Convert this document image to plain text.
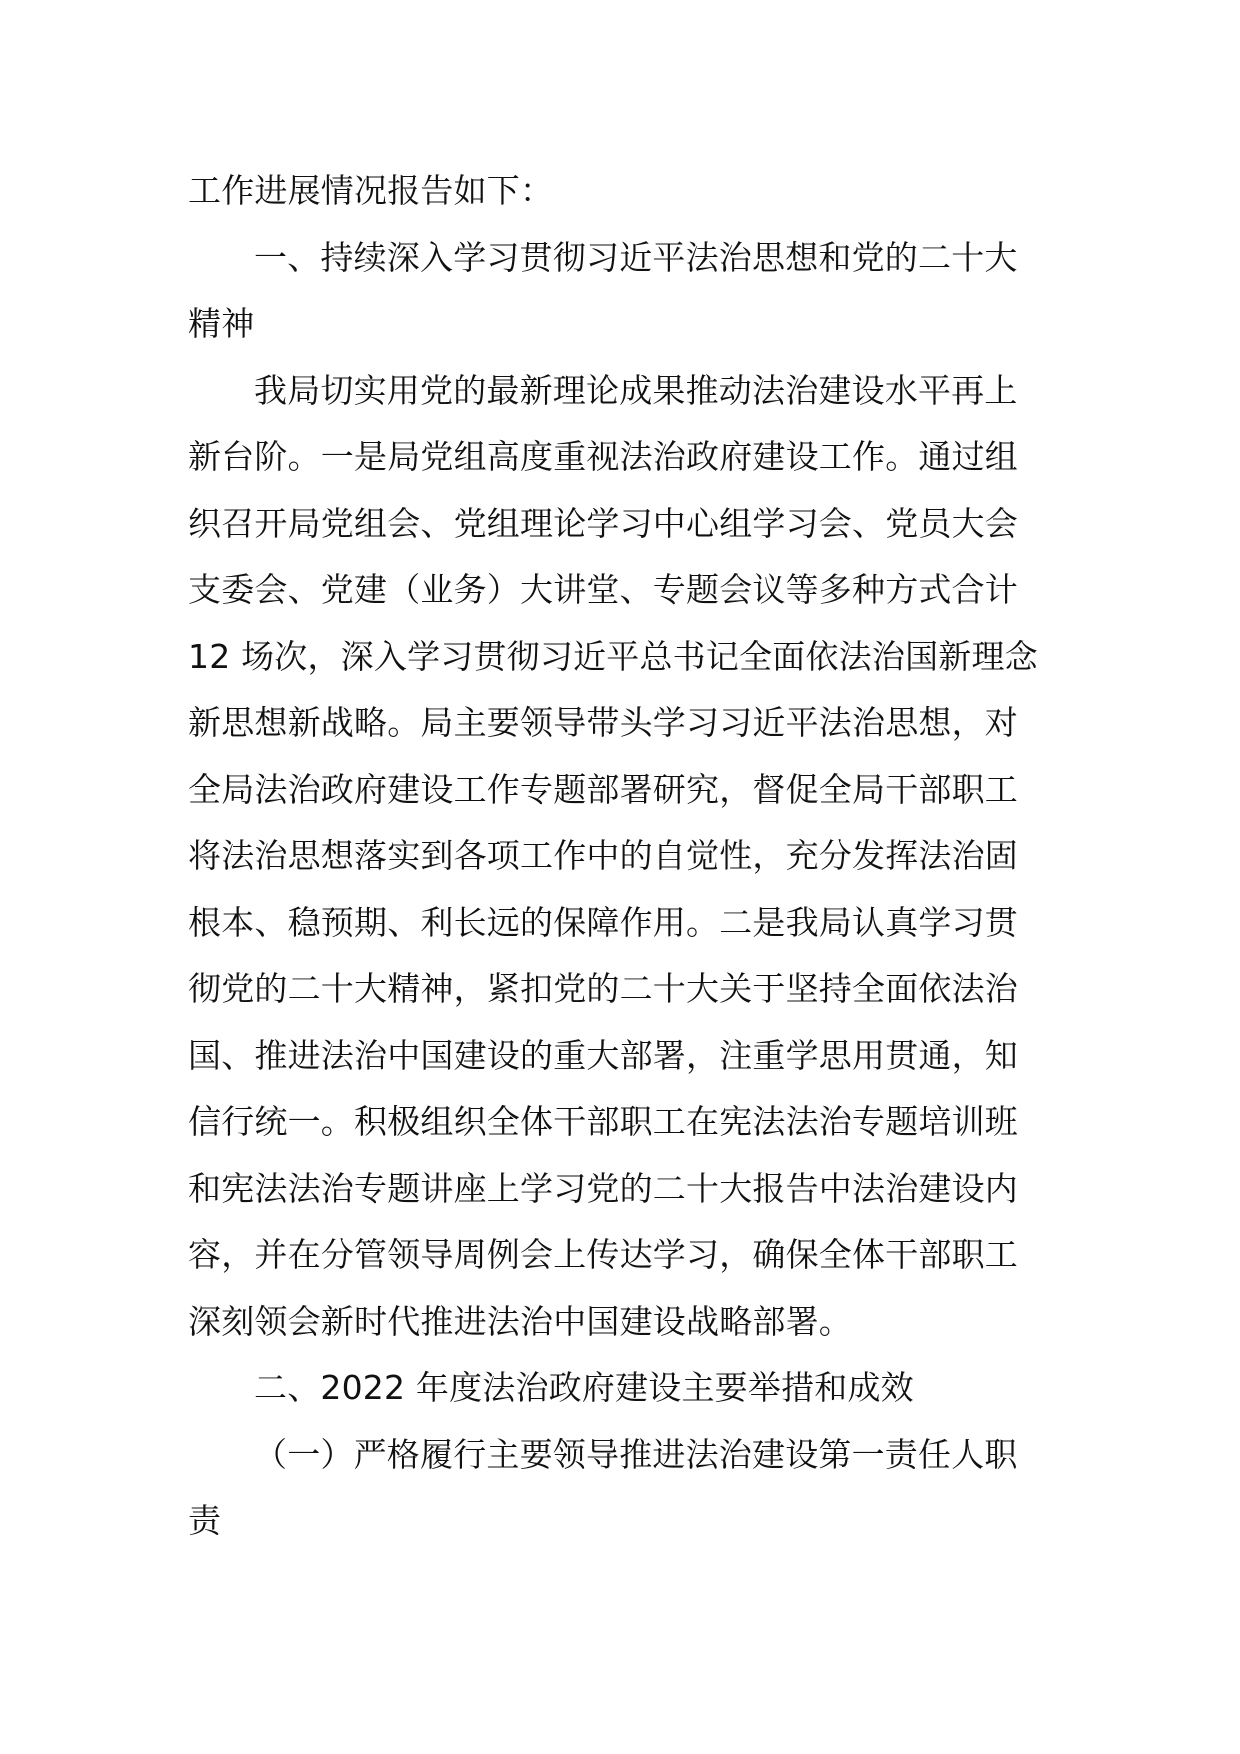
工作进展情况报告如下：
一、持续深入学习贯彻习近平法治思想和党的二十大
精神
我局切实用党的最新理论成果推动法治建设水平再上
新台阶。一是局党组高度重视法治政府建设工作。通过组
织召开局党组会、党组理论学习中心组学习会、党员大会
支委会、党建（业务）大讲堂、专题会议等多种方式合计
12 场次，深入学习贯彻习近平总书记全面依法治国新理念
新思想新战略。局主要领导带头学习习近平法治思想，对
全局法治政府建设工作专题部署研究，督促全局干部职工
将法治思想落实到各项工作中的自觉性，充分发挥法治固
根本、稳预期、利长远的保障作用。二是我局认真学习贯
彻党的二十大精神，紧扣党的二十大关于坚持全面依法治
国、推进法治中国建设的重大部署，注重学思用贯通，知
信行统一。积极组织全体干部职工在宪法法治专题培训班
和宪法法治专题讲座上学习党的二十大报告中法治建设内
容，并在分管领导周例会上传达学习，确保全体干部职工
深刻领会新时代推进法治中国建设战略部署。
二、2022 年度法治政府建设主要举措和成效
（一）严格履行主要领导推进法治建设第一责任人职
责
